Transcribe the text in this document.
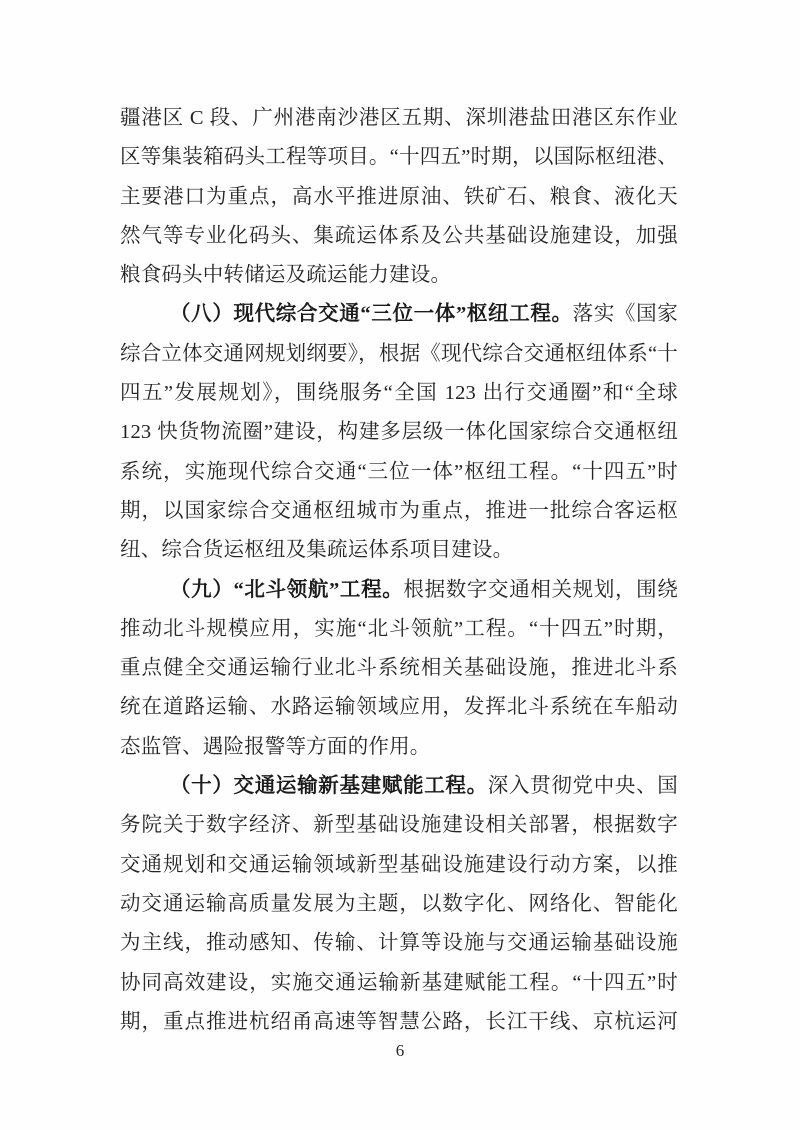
疆港区 C 段、广州港南沙港区五期、深圳港盐田港区东作业
区等集装箱码头工程等项目。“十四五”时期，以国际枢纽港、
主要港口为重点，高水平推进原油、铁矿石、粮食、液化天
然气等专业化码头、集疏运体系及公共基础设施建设，加强
粮食码头中转储运及疏运能力建设。
（八）现代综合交通“三位一体”枢纽工程。落实《国家
综合立体交通网规划纲要》，根据《现代综合交通枢纽体系“十
四五”发展规划》，围绕服务“全国 123 出行交通圈”和“全球
123 快货物流圈”建设，构建多层级一体化国家综合交通枢纽
系统，实施现代综合交通“三位一体”枢纽工程。“十四五”时
期，以国家综合交通枢纽城市为重点，推进一批综合客运枢
纽、综合货运枢纽及集疏运体系项目建设。
（九）“北斗领航”工程。根据数字交通相关规划，围绕
推动北斗规模应用，实施“北斗领航”工程。“十四五”时期，
重点健全交通运输行业北斗系统相关基础设施，推进北斗系
统在道路运输、水路运输领域应用，发挥北斗系统在车船动
态监管、遇险报警等方面的作用。
（十）交通运输新基建赋能工程。深入贯彻党中央、国
务院关于数字经济、新型基础设施建设相关部署，根据数字
交通规划和交通运输领域新型基础设施建设行动方案，以推
动交通运输高质量发展为主题，以数字化、网络化、智能化
为主线，推动感知、传输、计算等设施与交通运输基础设施
协同高效建设，实施交通运输新基建赋能工程。“十四五”时
期，重点推进杭绍甬高速等智慧公路，长江干线、京杭运河
6
